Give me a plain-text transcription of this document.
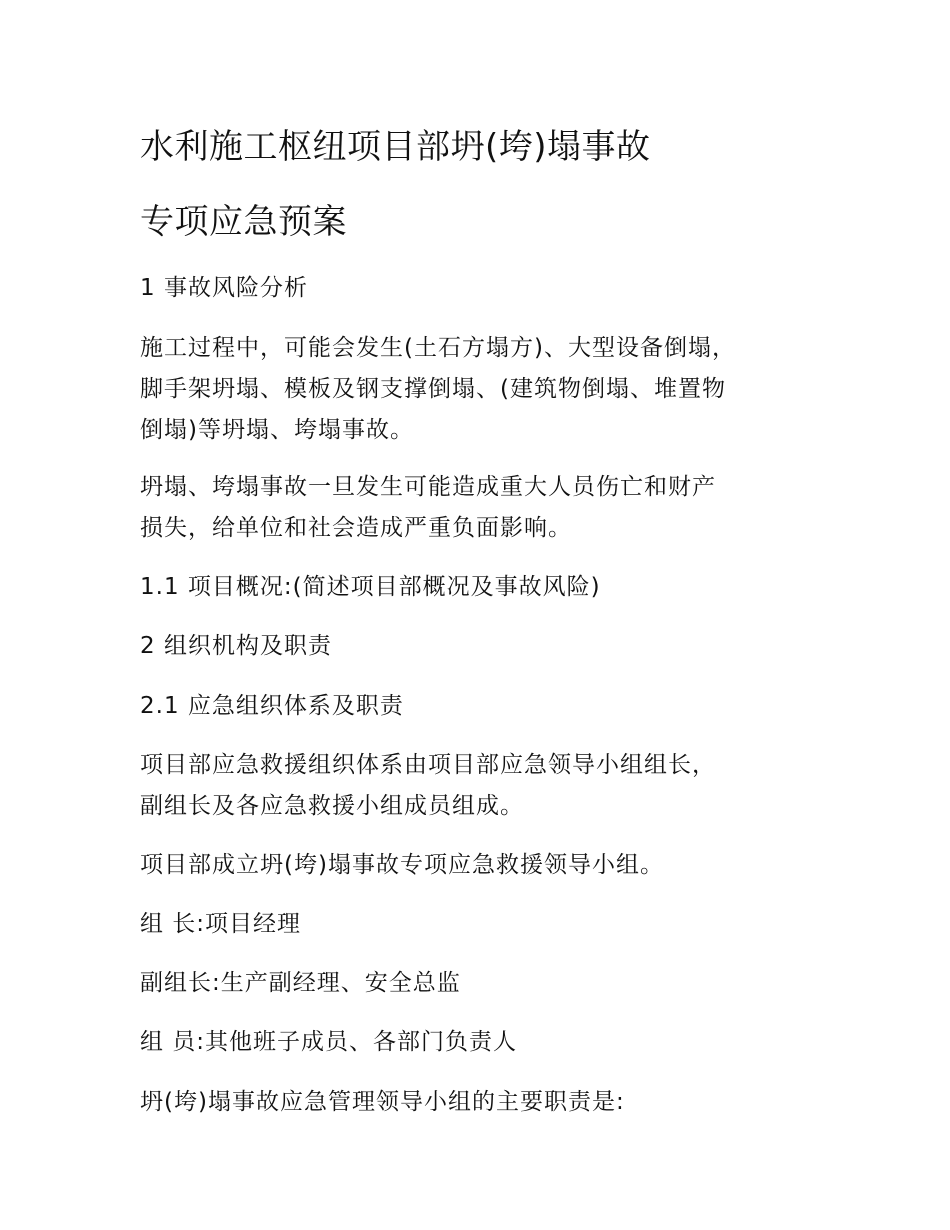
水利施工枢纽项目部坍(垮)塌事故
专项应急预案
1 事故风险分析
施工过程中，可能会发生(土石方塌方)、大型设备倒塌，
脚手架坍塌、模板及钢支撑倒塌、(建筑物倒塌、堆置物
倒塌)等坍塌、垮塌事故。
坍塌、垮塌事故一旦发生可能造成重大人员伤亡和财产
损失，给单位和社会造成严重负面影响。
1.1 项目概况:(简述项目部概况及事故风险)
2 组织机构及职责
2.1 应急组织体系及职责
项目部应急救援组织体系由项目部应急领导小组组长，
副组长及各应急救援小组成员组成。
项目部成立坍(垮)塌事故专项应急救援领导小组。
组 长:项目经理
副组长:生产副经理、安全总监
组 员:其他班子成员、各部门负责人
坍(垮)塌事故应急管理领导小组的主要职责是:
